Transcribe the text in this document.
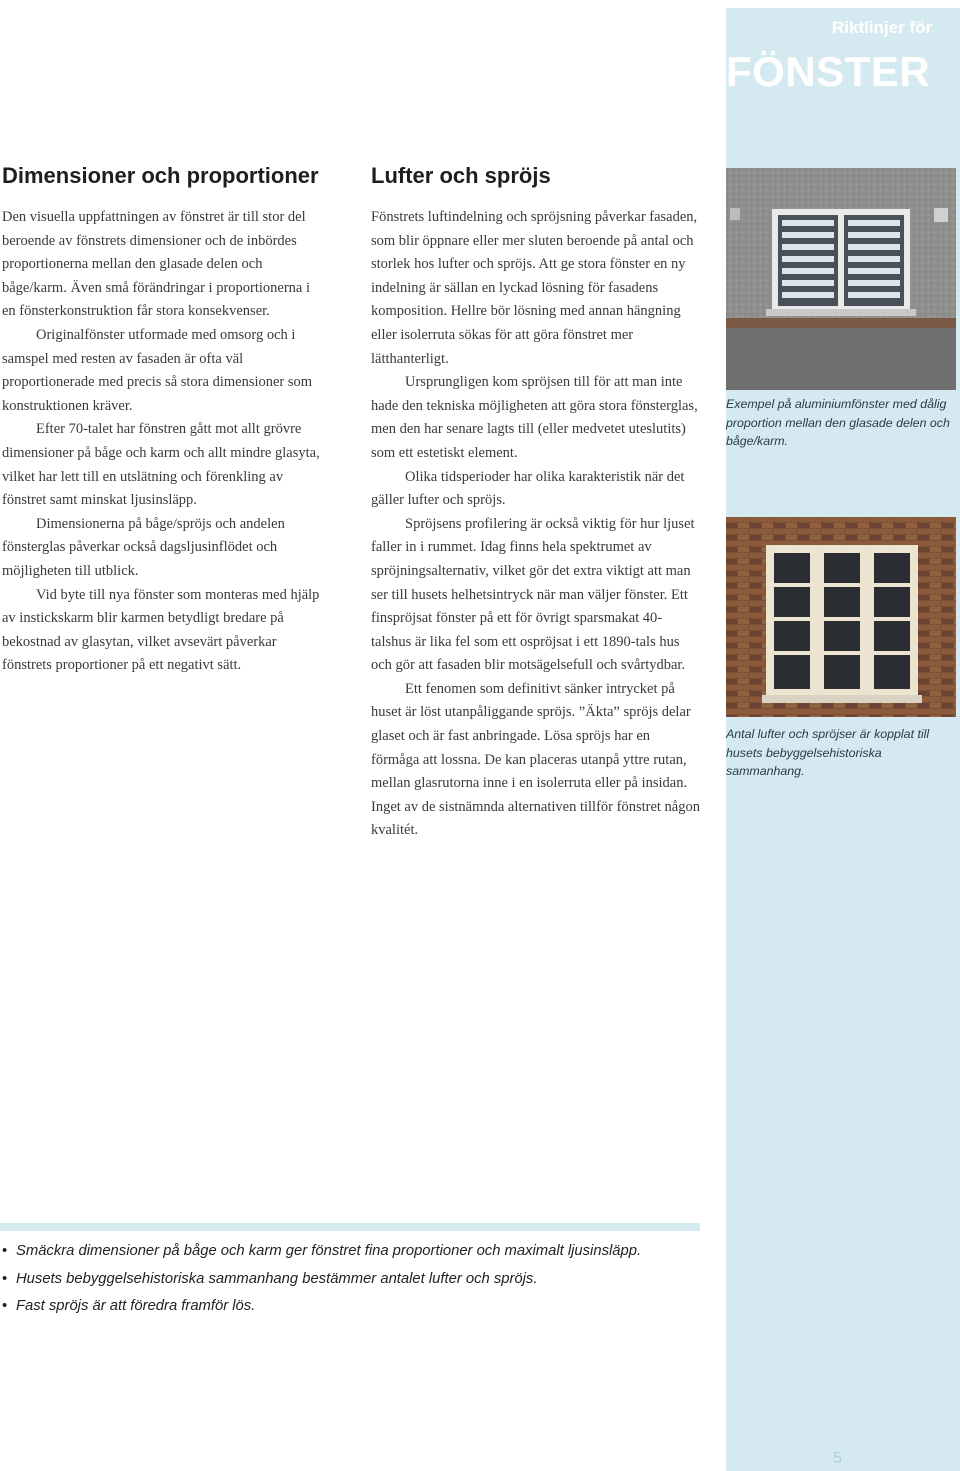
Riktlinjer för
FÖNSTER
Dimensioner och proportioner

Den visuella uppfattningen av fönstret är till stor del beroende av fönstrets dimensioner och de inbördes proportionerna mellan den glasade delen och båge/karm. Även små förändringar i proportionerna i en fönsterkonstruktion får stora konsekvenser.

Originalfönster utformade med omsorg och i samspel med resten av fasaden är ofta väl proportionerade med precis så stora dimensioner som konstruktionen kräver.

Efter 70-talet har fönstren gått mot allt grövre dimensioner på båge och karm och allt mindre glasyta, vilket har lett till en utslätning och förenkling av fönstret samt minskat ljusinsläpp.

Dimensionerna på båge/spröjs och andelen fönsterglas påverkar också dagsljusinflödet och möjligheten till utblick.

Vid byte till nya fönster som monteras med hjälp av instickskarm blir karmen betydligt bredare på bekostnad av glasytan, vilket avsevärt påverkar fönstrets proportioner på ett negativt sätt.

Lufter och spröjs

Fönstrets luftindelning och spröjsning påverkar fasaden, som blir öppnare eller mer sluten beroende på antal och storlek hos lufter och spröjs. Att ge stora fönster en ny indelning är sällan en lyckad lösning för fasadens komposition. Hellre bör lösning med annan hängning eller isolerruta sökas för att göra fönstret mer lätthanterligt.

Ursprungligen kom spröjsen till för att man inte hade den tekniska möjligheten att göra stora fönsterglas, men den har senare lagts till (eller medvetet uteslutits) som ett estetiskt element.

Olika tidsperioder har olika karakteristik när det gäller lufter och spröjs.

Spröjsens profilering är också viktig för hur ljuset faller in i rummet. Idag finns hela spektrumet av spröjningsalternativ, vilket gör det extra viktigt att man ser till husets helhetsintryck när man väljer fönster. Ett finspröjsat fönster på ett för övrigt sparsmakat 40-talshus är lika fel som ett ospröjsat i ett 1890-tals hus och gör att fasaden blir motsägelsefull och svårtydbar.

Ett fenomen som definitivt sänker intrycket på huset är löst utanpåliggande spröjs. ”Äkta” spröjs delar glaset och är fast anbringade. Lösa spröjs har en förmåga att lossna. De kan placeras utanpå yttre rutan, mellan glasrutorna inne i en isolerruta eller på insidan. Inget av de sistnämnda alternativen tillför fönstret någon kvalitét.

Exempel på aluminiumfönster med dålig proportion mellan den glasade delen och båge/karm.
Antal lufter och spröjser är kopplat till husets bebyggelsehistoriska sammanhang.
• Smäckra dimensioner på båge och karm ger fönstret fina proportioner och maximalt ljusinsläpp.
• Husets bebyggelsehistoriska sammanhang bestämmer antalet lufter och spröjs.
• Fast spröjs är att föredra framför lös.
5
